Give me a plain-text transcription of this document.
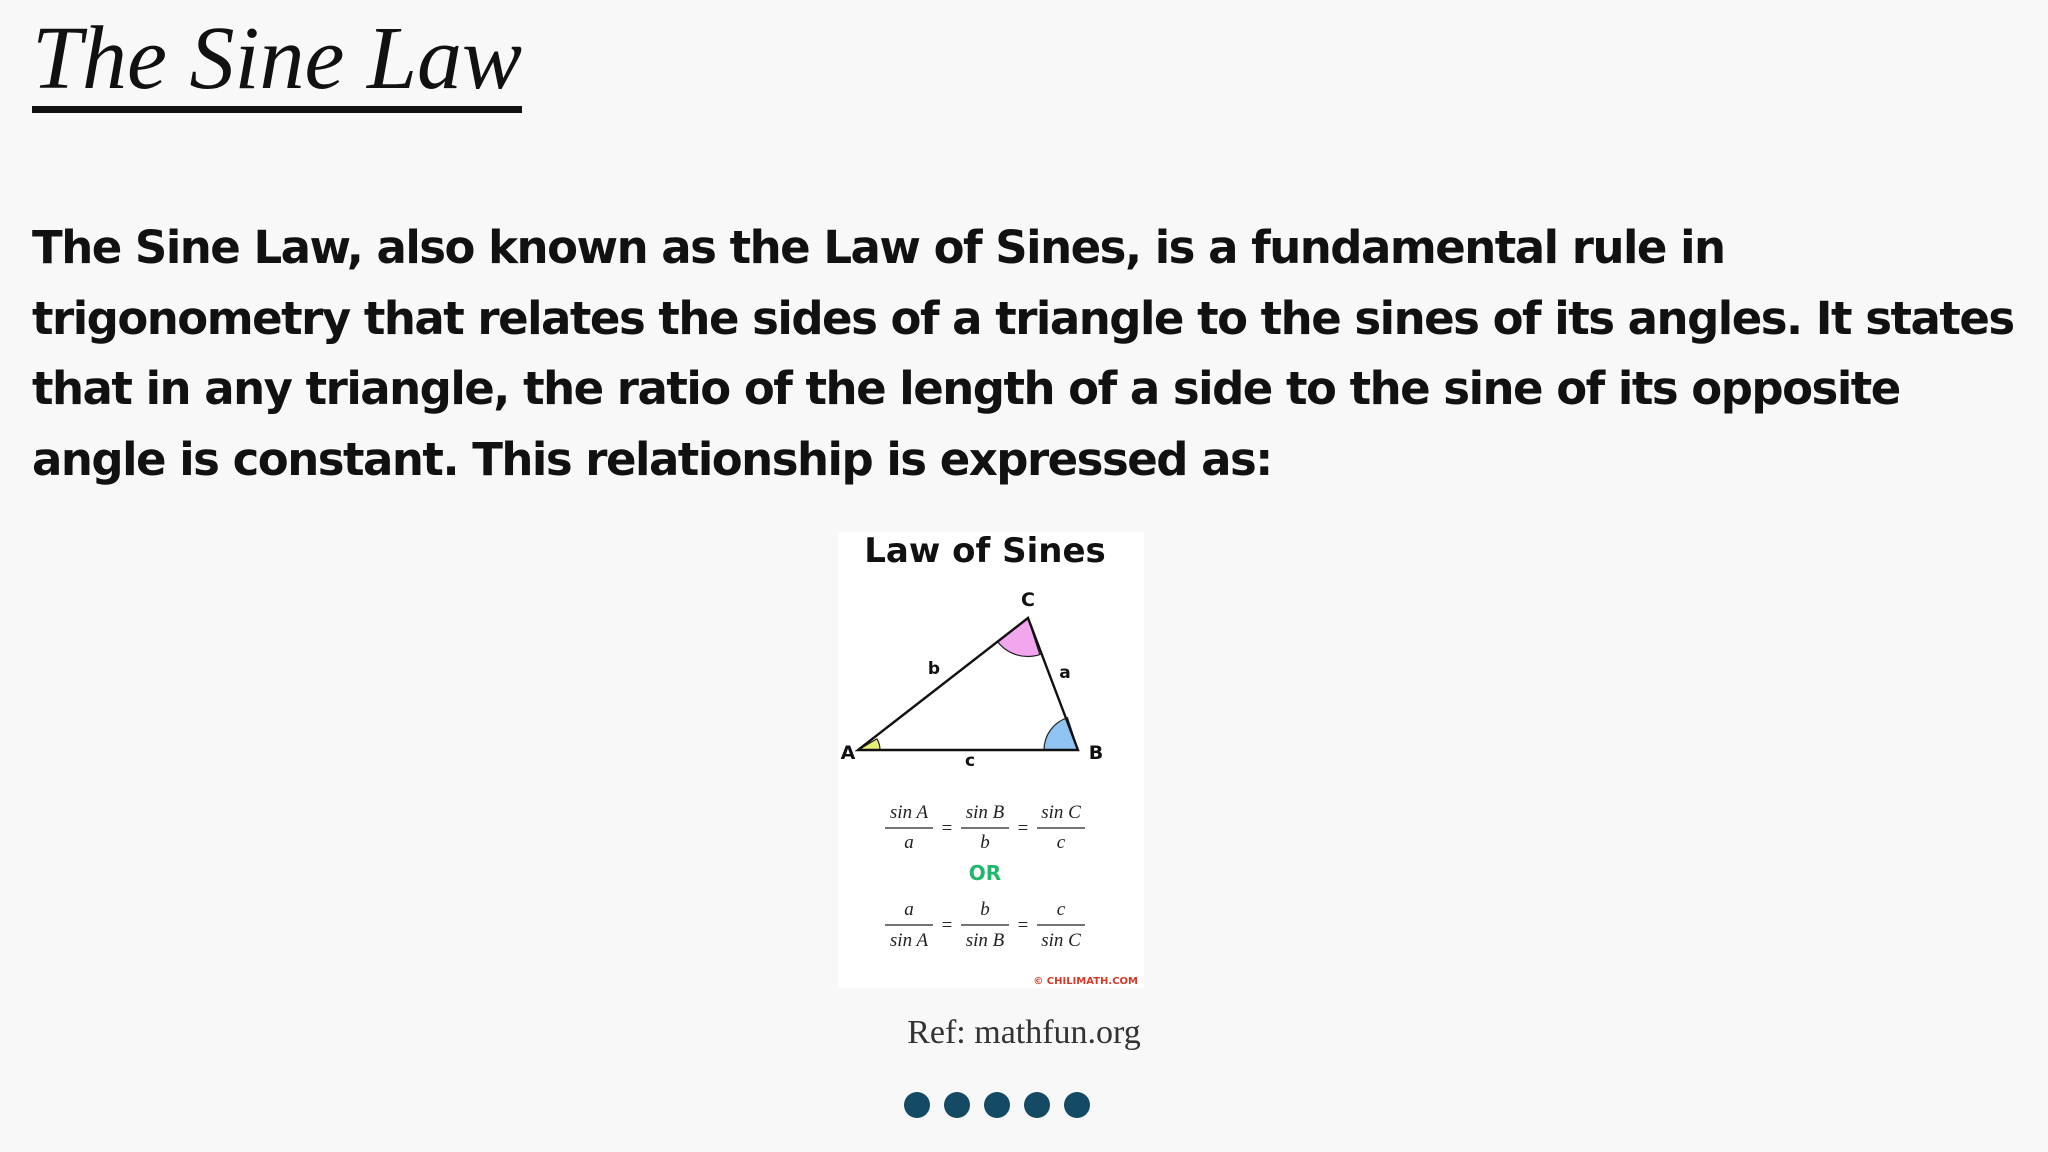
The Sine Law

The Sine Law, also known as the Law of Sines, is a fundamental rule in trigonometry that relates the sides of a triangle to the sines of its angles. It states that in any triangle, the ratio of the length of a side to the sine of its opposite angle is constant. This relationship is expressed as:

Law of Sines
A	B
C
a
b
c
sin A sin B sin C
=	=
a	b	c
OR
a	b	c
=	=
sin A sin B sin C
© CHILIMATH.COM
Ref: mathfun.org
